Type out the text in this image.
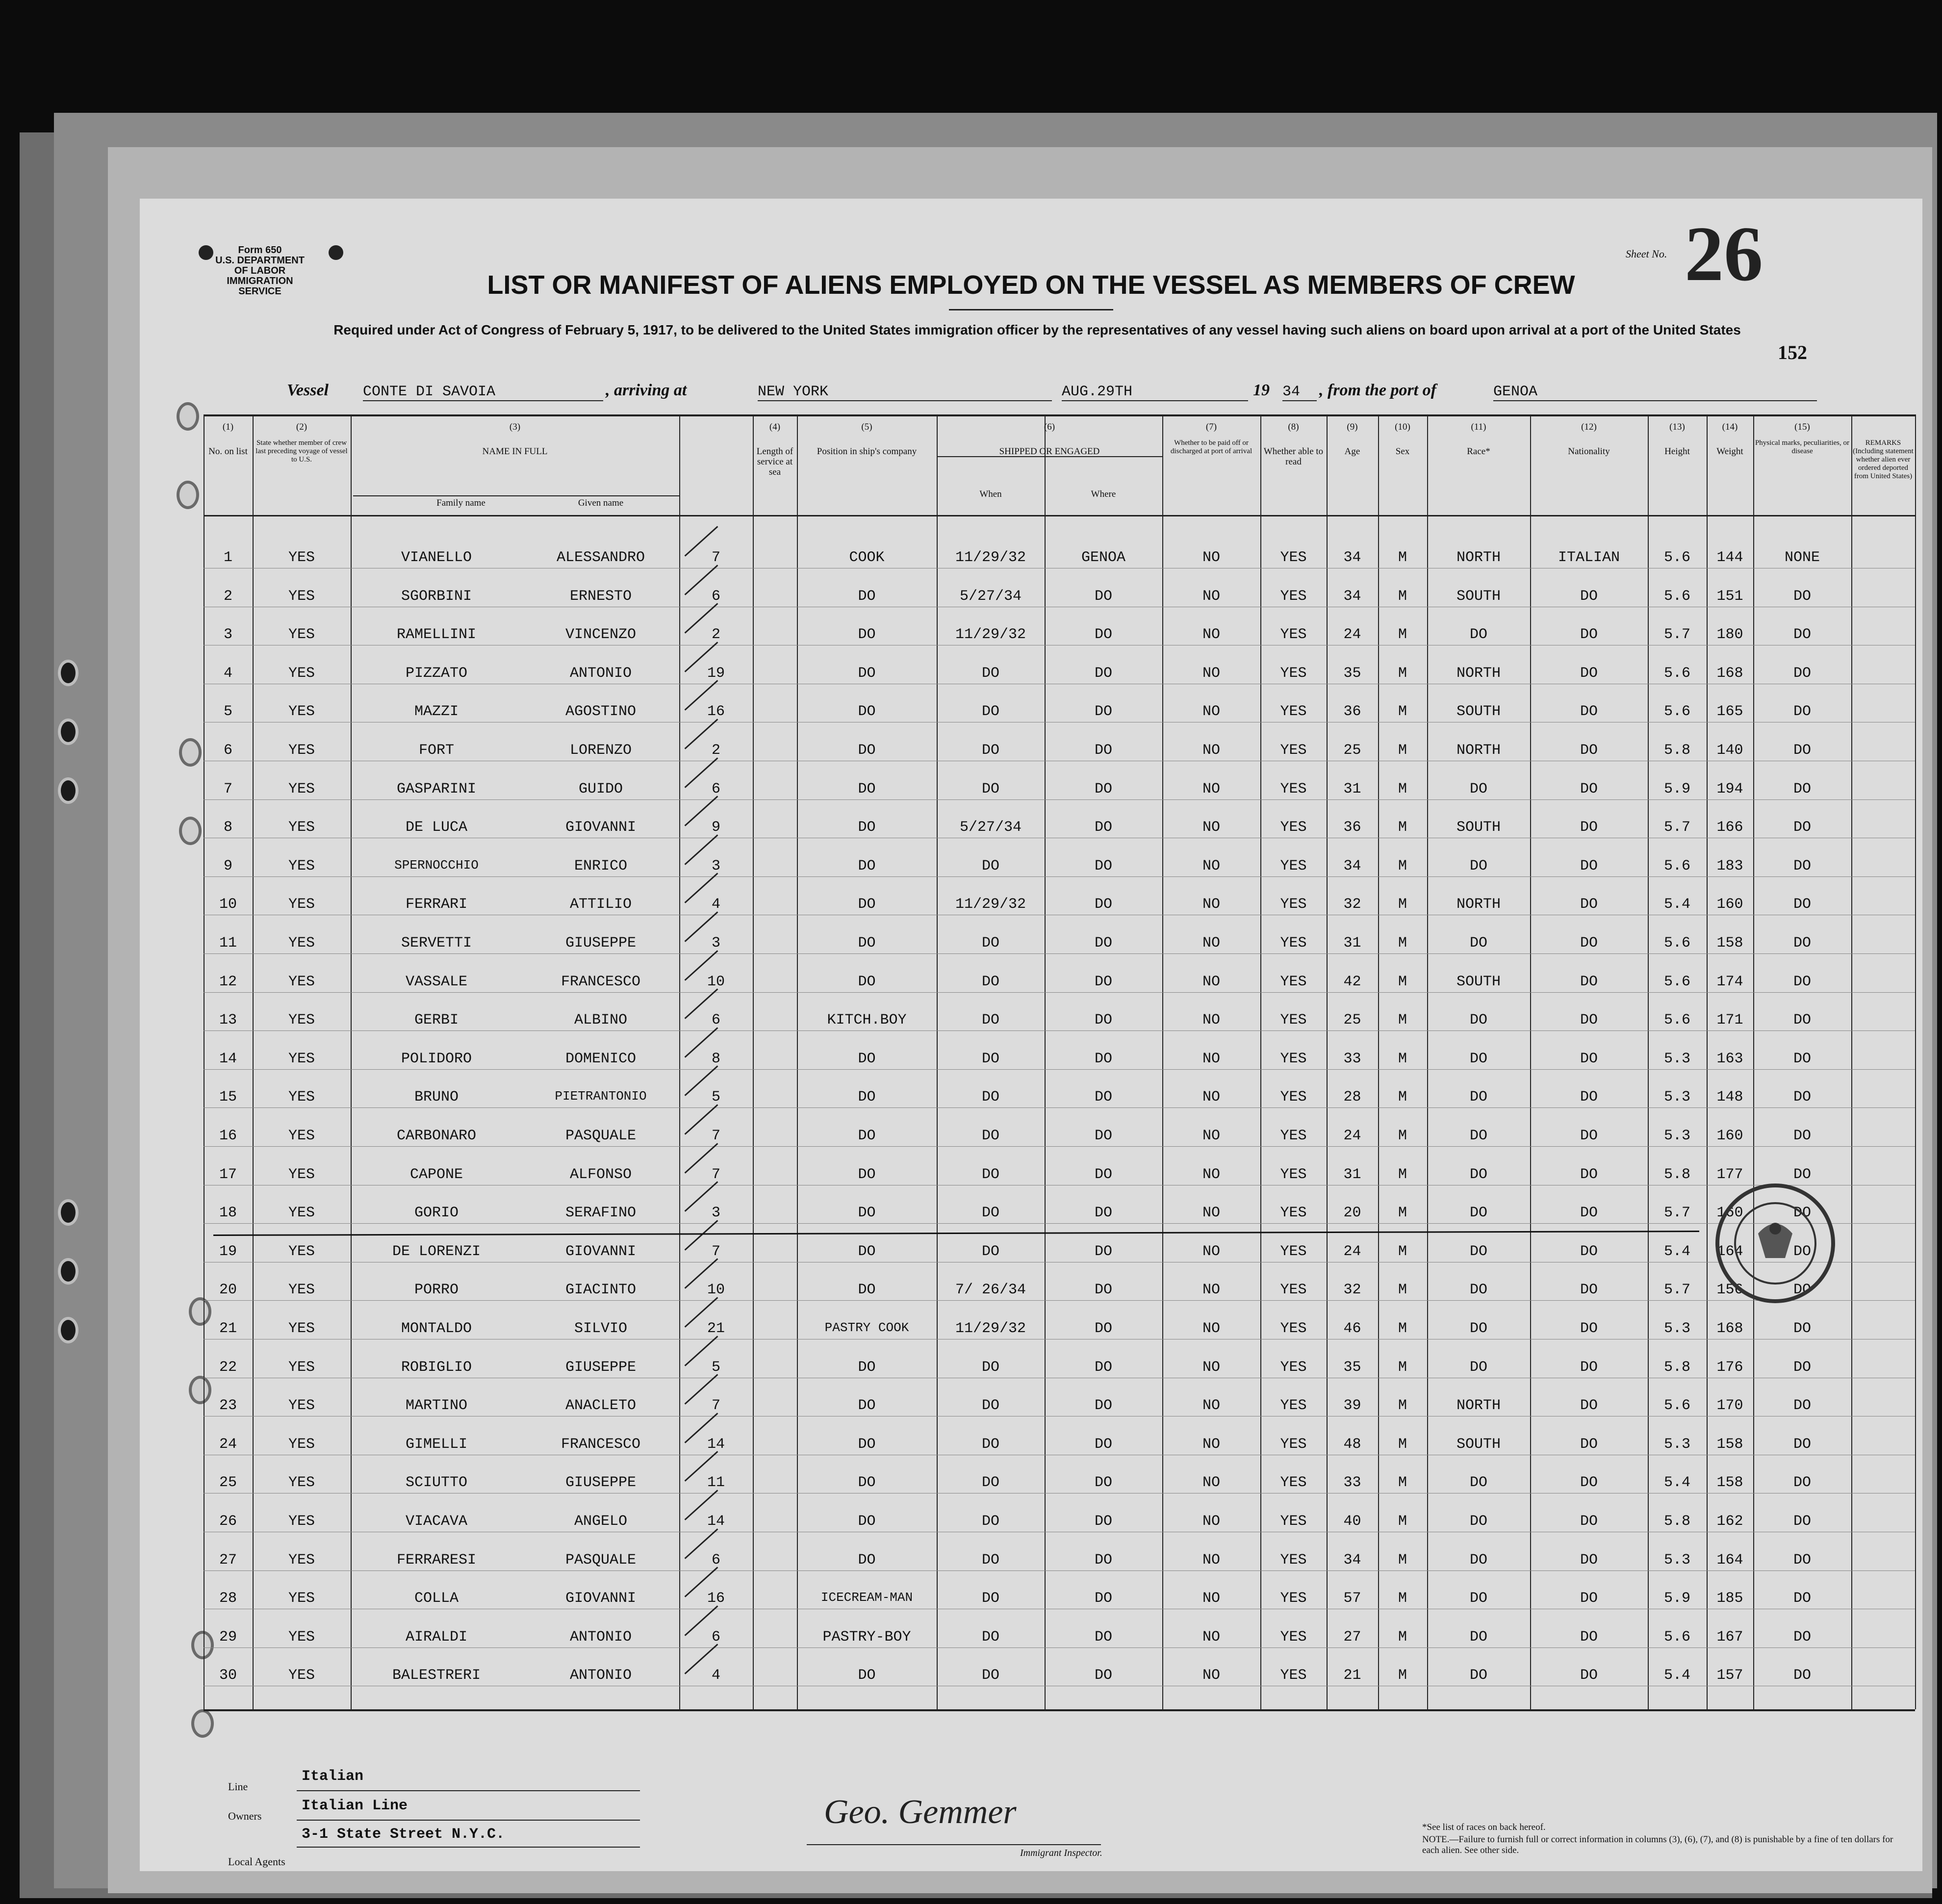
Form 650
U.S. DEPARTMENT OF LABOR
IMMIGRATION SERVICE
Sheet No. 26
LIST OR MANIFEST OF ALIENS EMPLOYED ON THE VESSEL AS MEMBERS OF CREW
Required under Act of Congress of February 5, 1917, to be delivered to the United States immigration officer by the representatives of any vessel having such aliens on board upon arrival at a port of the United States
152
Vessel CONTE DI SAVOIA	, arriving at	NEW YORK	AUG.29TH	19 34	, from the port of	GENOA
(1)
No. on list
(2)
State whether member of crew last preceding voyage of vessel to U.S.
(3)
NAME IN FULL
(4)
Length of service at sea
(5)
Position in ship's company
(6)
SHIPPED OR ENGAGED
(7)
Whether to be paid off or discharged at port of arrival
(8)
Whether able to read
(9)
Age
(10)
Sex
(11)
Race*
(12)
Nationality
(13)
Height
(14)
Weight
(15)
Physical marks, peculiarities, or disease
REMARKS (Including statement whether alien ever ordered deported from United States)
Family name	Given name
When	Where
1	YES	VIANELLO	ALESSANDRO	7	COOK	11/29/32	GENOA	NO	YES	34	M	NORTH	ITALIAN	5.6	144	NONE
2	YES	SGORBINI	ERNESTO	6	DO	5/27/34	DO	NO	YES	34	M	SOUTH	DO	5.6	151	DO
3	YES	RAMELLINI	VINCENZO	2	DO	11/29/32	DO	NO	YES	24	M	DO	DO	5.7	180	DO
4	YES	PIZZATO	ANTONIO	19	DO	DO	DO	NO	YES	35	M	NORTH	DO	5.6	168	DO
5	YES	MAZZI	AGOSTINO	16	DO	DO	DO	NO	YES	36	M	SOUTH	DO	5.6	165	DO
6	YES	FORT	LORENZO	2	DO	DO	DO	NO	YES	25	M	NORTH	DO	5.8	140	DO
7	YES	GASPARINI	GUIDO	6	DO	DO	DO	NO	YES	31	M	DO	DO	5.9	194	DO
8	YES	DE LUCA	GIOVANNI	9	DO	5/27/34	DO	NO	YES	36	M	SOUTH	DO	5.7	166	DO
9	YES	SPERNOCCHIO	ENRICO	3	DO	DO	DO	NO	YES	34	M	DO	DO	5.6	183	DO
10	YES	FERRARI	ATTILIO	4	DO	11/29/32	DO	NO	YES	32	M	NORTH	DO	5.4	160	DO
11	YES	SERVETTI	GIUSEPPE	3	DO	DO	DO	NO	YES	31	M	DO	DO	5.6	158	DO
12	YES	VASSALE	FRANCESCO	10	DO	DO	DO	NO	YES	42	M	SOUTH	DO	5.6	174	DO
13	YES	GERBI	ALBINO	6	KITCH.BOY	DO	DO	NO	YES	25	M	DO	DO	5.6	171	DO
14	YES	POLIDORO	DOMENICO	8	DO	DO	DO	NO	YES	33	M	DO	DO	5.3	163	DO
15	YES	BRUNO	PIETRANTONIO	5	DO	DO	DO	NO	YES	28	M	DO	DO	5.3	148	DO
16	YES	CARBONARO	PASQUALE	7	DO	DO	DO	NO	YES	24	M	DO	DO	5.3	160	DO
17	YES	CAPONE	ALFONSO	7	DO	DO	DO	NO	YES	31	M	DO	DO	5.8	177	DO
18	YES	GORIO	SERAFINO	3	DO	DO	DO	NO	YES	20	M	DO	DO	5.7	160	DO
19	YES	DE LORENZI	GIOVANNI	7	DO	DO	DO	NO	YES	24	M	DO	DO	5.4	164	DO
20	YES	PORRO	GIACINTO	10	DO	7/ 26/34	DO	NO	YES	32	M	DO	DO	5.7	156	DO
21	YES	MONTALDO	SILVIO	21	PASTRY COOK	11/29/32	DO	NO	YES	46	M	DO	DO	5.3	168	DO
22	YES	ROBIGLIO	GIUSEPPE	5	DO	DO	DO	NO	YES	35	M	DO	DO	5.8	176	DO
23	YES	MARTINO	ANACLETO	7	DO	DO	DO	NO	YES	39	M	NORTH	DO	5.6	170	DO
24	YES	GIMELLI	FRANCESCO	14	DO	DO	DO	NO	YES	48	M	SOUTH	DO	5.3	158	DO
25	YES	SCIUTTO	GIUSEPPE	11	DO	DO	DO	NO	YES	33	M	DO	DO	5.4	158	DO
26	YES	VIACAVA	ANGELO	14	DO	DO	DO	NO	YES	40	M	DO	DO	5.8	162	DO
27	YES	FERRARESI	PASQUALE	6	DO	DO	DO	NO	YES	34	M	DO	DO	5.3	164	DO
28	YES	COLLA	GIOVANNI	16	ICECREAM-MAN	DO	DO	NO	YES	57	M	DO	DO	5.9	185	DO
29	YES	AIRALDI	ANTONIO	6	PASTRY-BOY	DO	DO	NO	YES	27	M	DO	DO	5.6	167	DO
30	YES	BALESTRERI	ANTONIO	4	DO	DO	DO	NO	YES	21	M	DO	DO	5.4	157	DO
Line
Italian
Owners
Italian Line
3-1 State Street N.Y.C.
Local Agents
Geo. Gemmer
Immigrant Inspector.
*See list of races on back hereof.
NOTE.—Failure to furnish full or correct information in columns (3), (6), (7), and (8) is punishable by a fine of ten dollars for each alien. See other side.
